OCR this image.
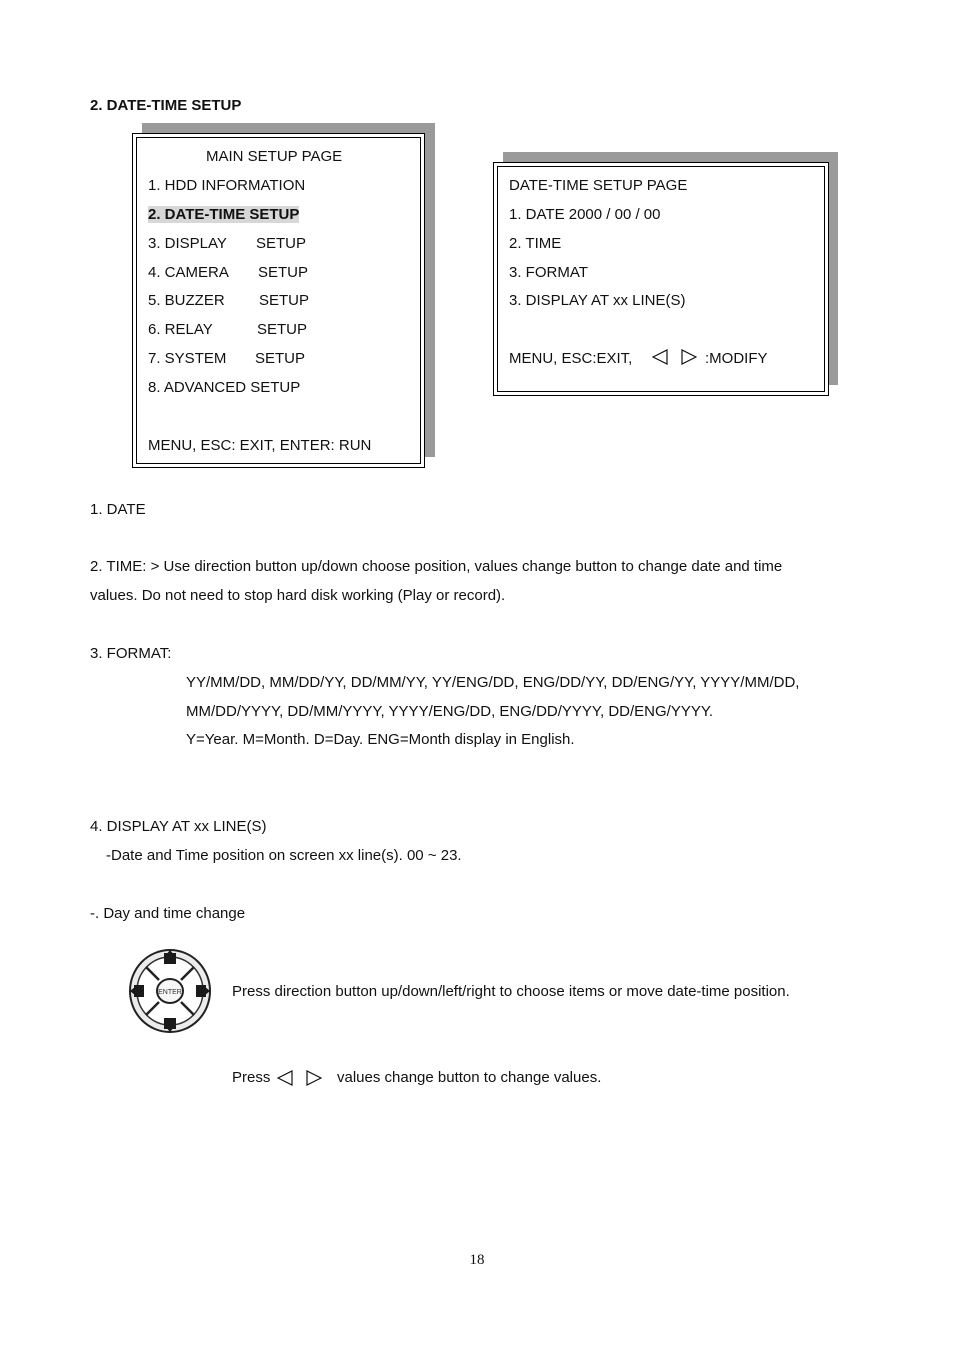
2. DATE-TIME SETUP
MAIN SETUP PAGE
1. HDD INFORMATION
2. DATE-TIME SETUP
3. DISPLAY SETUP
4. CAMERA SETUP
5. BUZZER SETUP
6. RELAY	SETUP
7. SYSTEM SETUP
8. ADVANCED SETUP
MENU, ESC: EXIT, ENTER: RUN
DATE-TIME SETUP PAGE
1. DATE 2000 / 00 / 00
2. TIME
3. FORMAT
3. DISPLAY AT xx LINE(S)
MENU, ESC:EXIT,	:MODIFY
1. DATE
2. TIME: > Use direction button up/down choose position, values change button to change date and time
values. Do not need to stop hard disk working (Play or record).
3. FORMAT:
YY/MM/DD, MM/DD/YY, DD/MM/YY, YY/ENG/DD, ENG/DD/YY, DD/ENG/YY, YYYY/MM/DD,
MM/DD/YYYY, DD/MM/YYYY, YYYY/ENG/DD, ENG/DD/YYYY, DD/ENG/YYYY.
Y=Year. M=Month. D=Day. ENG=Month display in English.
4. DISPLAY AT xx LINE(S)
-Date and Time position on screen xx line(s). 00 ~ 23.
-. Day and time change
ENTER	Press direction button up/down/left/right to choose items or move date-time position.
Press	values change button to change values.
18
